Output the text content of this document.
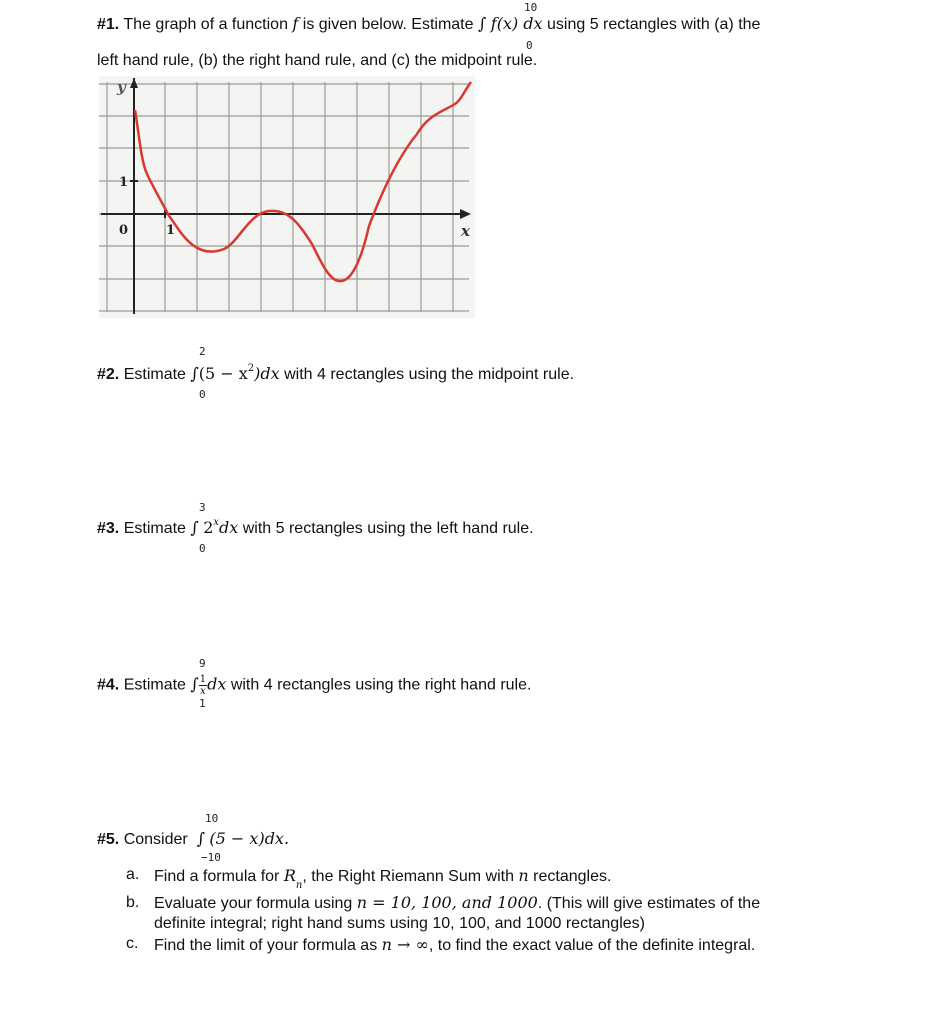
10
#1. The graph of a function f is given below. Estimate ∫ f(x) dx using 5 rectangles with (a) the
0
left hand rule, (b) the right hand rule, and (c) the midpoint rule.
y
x
1
0	1
2
#2. Estimate $\int(5 - x^2)dx$ with 4 rectangles using the midpoint rule.
0
3
#3. Estimate ∫ 2$^x$dx with 5 rectangles using the left hand rule.
0
9
#4. Estimate ∫ $\frac{1}{x}$ dx with 4 rectangles using the right hand rule.
1
10
#5. Consider  ∫ (5 − x)dx.
−10
a. Find a formula for $R_n$, the Right Riemann Sum with n rectangles.
b. Evaluate your formula using n = 10, 100, and 1000. (This will give estimates of the
definite integral; right hand sums using 10, 100, and 1000 rectangles)
c. Find the limit of your formula as n → ∞, to find the exact value of the definite integral.
